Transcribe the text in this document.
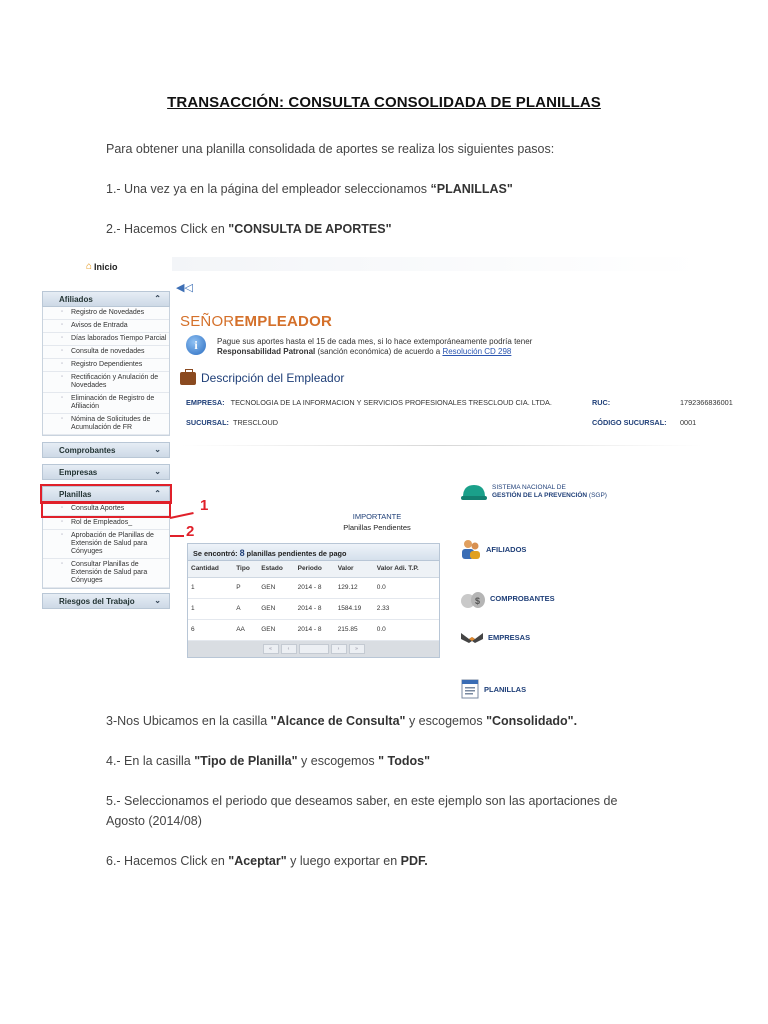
TRANSACCIÓN: CONSULTA CONSOLIDADA DE PLANILLAS
Para obtener una planilla consolidada de aportes se realiza los siguientes pasos:
1.- Una vez ya en la página del empleador seleccionamos “PLANILLAS"
2.- Hacemos Click en "CONSULTA DE APORTES"
⌂ Inicio
Afiliados	⌃
▫ Registro de Novedades
▫ Avisos de Entrada
▫ Días laborados Tiempo Parcial
▫ Consulta de novedades
▫ Registro Dependientes
▫ Rectificación y Anulación de Novedades
▫ Eliminación de Registro de Afiliación
▫ Nómina de Solicitudes de Acumulación de FR
Comprobantes	⌄
Empresas	⌄
Planillas	⌃
▫ Consulta Aportes
▫ Rol de Empleados_
▫ Aprobación de Planillas de Extensión de Salud para Cónyuges
▫ Consultar Planillas de Extensión de Salud para Cónyuges
Riesgos del Trabajo ⌄
1
2
◀◁
SEÑOREMPLEADOR
i	Pague sus aportes hasta el 15 de cada mes, si lo hace extemporáneamente podría tener
Responsabilidad Patronal (sanción económica) de acuerdo a Resolución CD 298
Descripción del Empleador
EMPRESA: TECNOLOGIA DE LA INFORMACION Y SERVICIOS PROFESIONALES TRESCLOUD CIA. LTDA.	RUC:	1792366836001
SUCURSAL: TRESCLOUD	CÓDIGO SUCURSAL: 0001
IMPORTANTE
Planillas Pendientes
Se encontró: 8 planillas pendientes de pago
Cantidad	Tipo	Estado	Periodo	Valor	Valor Adi. T.P.
1	P	GEN	2014 - 8	129.12	0.0
1	A	GEN	2014 - 8	1584.19	2.33
6	AA	GEN	2014 - 8	215.85	0.0
«	‹	›	»
SISTEMA NACIONAL DE
GESTIÓN DE LA PREVENCIÓN (SGP)
AFILIADOS
$ COMPROBANTES
EMPRESAS
PLANILLAS
3-Nos Ubicamos en la casilla "Alcance de Consulta" y escogemos "Consolidado".
4.- En la casilla "Tipo de Planilla" y escogemos " Todos"
5.- Seleccionamos el periodo que deseamos saber, en este ejemplo son las aportaciones de Agosto (2014/08)
6.- Hacemos Click en "Aceptar" y luego exportar en PDF.
